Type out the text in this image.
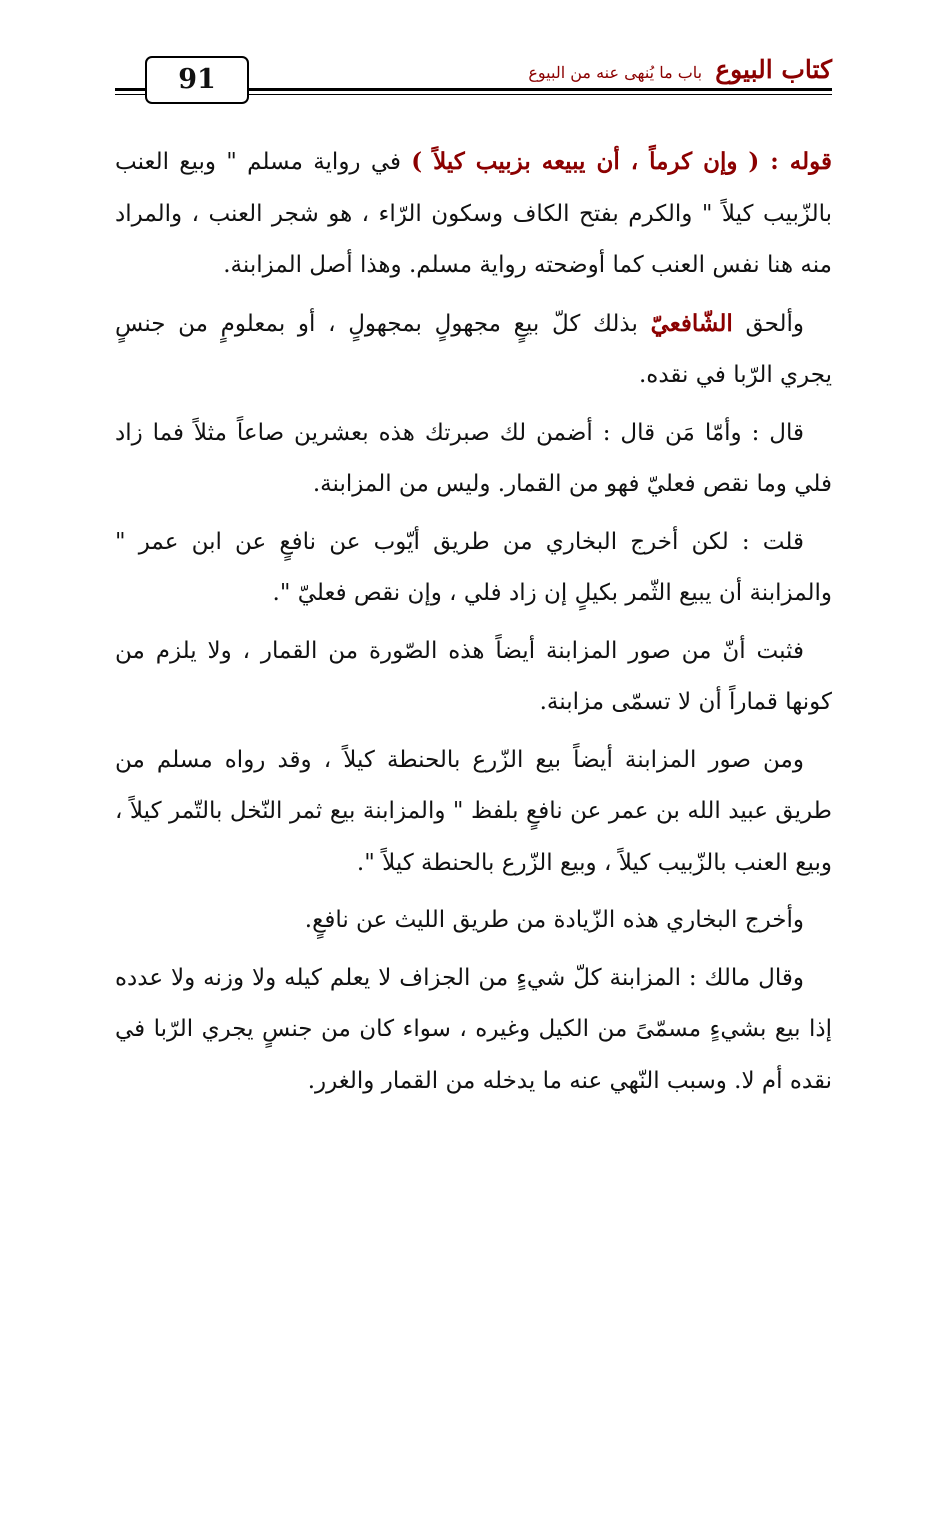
91	كتاب البيوع باب ما يُنهى عنه من البيوع

قوله : ( وإن كرماً ، أن يبيعه بزبيب كيلاً ) في رواية مسلم " وبيع العنب بالزّبيب كيلاً " والكرم بفتح الكاف وسكون الرّاء ، هو شجر العنب ، والمراد منه هنا نفس العنب كما أوضحته رواية مسلم. وهذا أصل المزابنة.

وألحق الشّافعيّ بذلك كلّ بيعٍ مجهولٍ بمجهولٍ ، أو بمعلومٍ من جنسٍ يجري الرّبا في نقده.

قال : وأمّا مَن قال : أضمن لك صبرتك هذه بعشرين صاعاً مثلاً فما زاد فلي وما نقص فعليّ فهو من القمار. وليس من المزابنة.

قلت : لكن أخرج البخاري من طريق أيّوب عن نافعٍ عن ابن عمر " والمزابنة أن يبيع الثّمر بكيلٍ إن زاد فلي ، وإن نقص فعليّ ".

فثبت أنّ من صور المزابنة أيضاً هذه الصّورة من القمار ، ولا يلزم من كونها قماراً أن لا تسمّى مزابنة.

ومن صور المزابنة أيضاً بيع الزّرع بالحنطة كيلاً ، وقد رواه مسلم من طريق عبيد الله بن عمر عن نافعٍ بلفظ " والمزابنة بيع ثمر النّخل بالتّمر كيلاً ، وبيع العنب بالزّبيب كيلاً ، وبيع الزّرع بالحنطة كيلاً ".

وأخرج البخاري هذه الزّيادة من طريق الليث عن نافعٍ.

وقال مالك : المزابنة كلّ شيءٍ من الجزاف لا يعلم كيله ولا وزنه ولا عدده إذا بيع بشيءٍ مسمّىً من الكيل وغيره ، سواء كان من جنسٍ يجري الرّبا في نقده أم لا. وسبب النّهي عنه ما يدخله من القمار والغرر.
